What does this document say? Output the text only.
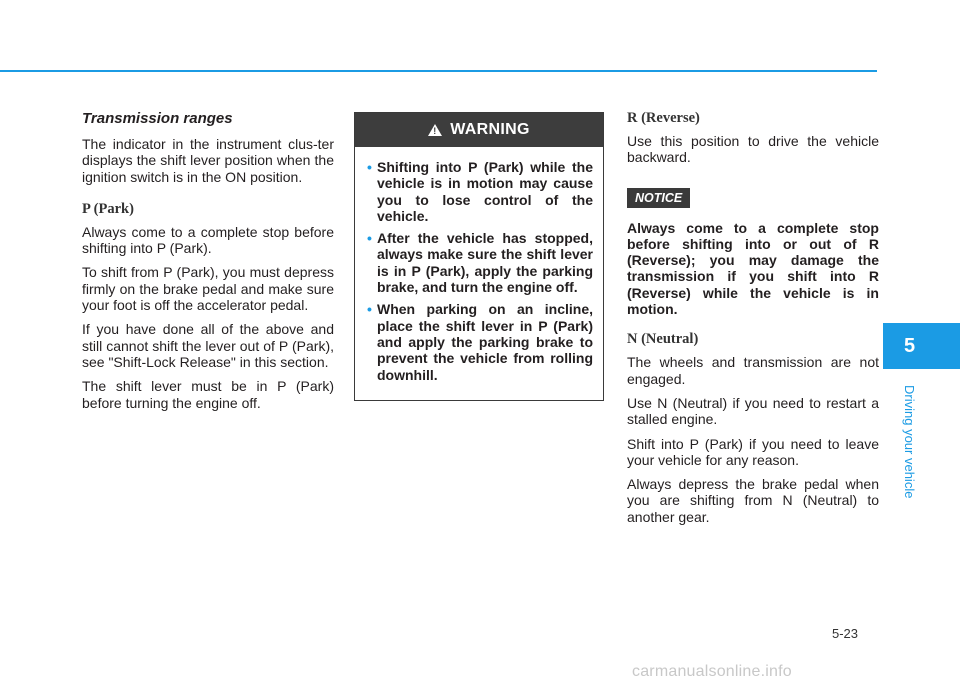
Transmission ranges

The indicator in the instrument clus-ter displays the shift lever position when the ignition switch is in the ON position.

P (Park)

Always come to a complete stop before shifting into P (Park).

To shift from P (Park), you must depress firmly on the brake pedal and make sure your foot is off the accelerator pedal.

If you have done all of the above and still cannot shift the lever out of P (Park), see "Shift-Lock Release" in this section.

The shift lever must be in P (Park) before turning the engine off.

!
WARNING
• Shifting into P (Park) while the vehicle is in motion may cause you to lose control of the vehicle.
• After the vehicle has stopped, always make sure the shift lever is in P (Park), apply the parking brake, and turn the engine off.
• When parking on an incline, place the shift lever in P (Park) and apply the parking brake to prevent the vehicle from rolling downhill.
R (Reverse)

Use this position to drive the vehicle backward.

NOTICE

Always come to a complete stop before shifting into or out of R (Reverse); you may damage the transmission if you shift into R (Reverse) while the vehicle is in motion.

N (Neutral)

The wheels and transmission are not engaged.

Use N (Neutral) if you need to restart a stalled engine.

Shift into P (Park) if you need to leave your vehicle for any reason.

Always depress the brake pedal when you are shifting from N (Neutral) to another gear.

5
Driving your vehicle
5-23
carmanualsonline.info
